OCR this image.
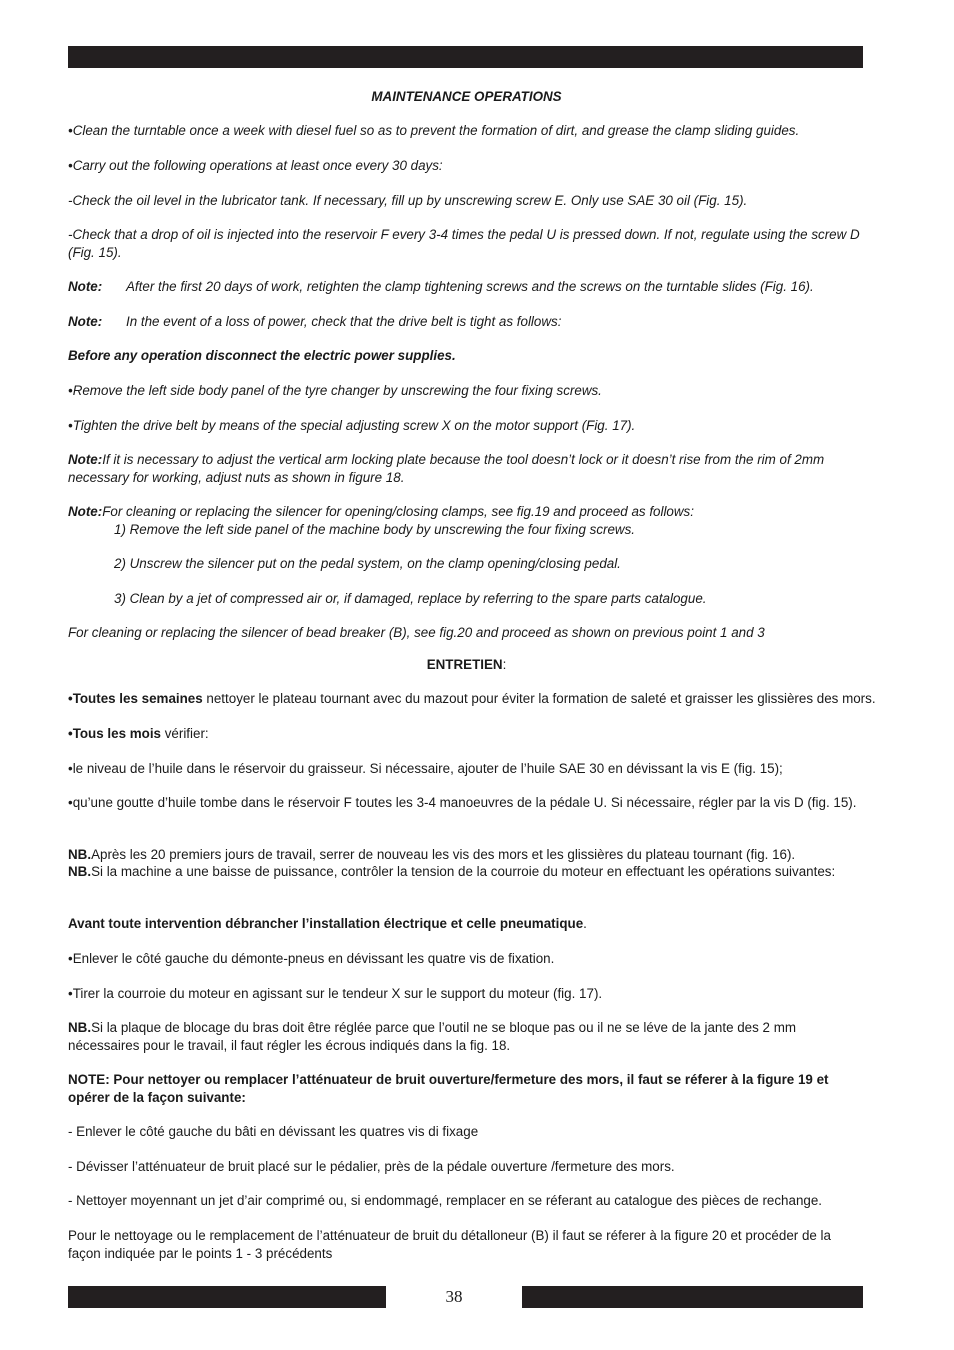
MAINTENANCE OPERATIONS

•Clean the turntable once a week with diesel fuel so as to prevent the formation of dirt, and grease the clamp sliding guides.

•Carry out the following operations at least once every 30 days:

-Check the oil level in the lubricator tank. If necessary, fill up by unscrewing screw E. Only use SAE 30 oil (Fig. 15).

-Check that a drop of oil is injected into the reservoir F every 3-4 times the pedal U is pressed down. If not, regulate using the screw D (Fig. 15).

Note: After the first 20 days of work, retighten the clamp tightening screws and the screws on the turntable slides (Fig. 16).

Note: In the event of a loss of power, check that the drive belt is tight as follows:

Before any operation disconnect the electric power supplies.

•Remove the left side body panel of the tyre changer by unscrewing the four fixing screws.

•Tighten the drive belt by means of the special adjusting screw X on the motor support (Fig. 17).

Note:If it is necessary to adjust the vertical arm locking plate because the tool doesn’t lock or it doesn’t rise from the rim of 2mm necessary for working, adjust nuts as shown in figure 18.

Note:For cleaning or replacing the silencer for opening/closing clamps, see fig.19 and proceed as follows:

1) Remove the left side panel of the machine body by unscrewing the four fixing screws.

2) Unscrew the silencer put on the pedal system, on the clamp opening/closing pedal.

3) Clean by a jet of compressed air or, if damaged, replace by referring to the spare parts catalogue.

For cleaning or replacing the silencer of bead breaker (B), see fig.20 and proceed as shown on previous point 1 and 3

ENTRETIEN:

•Toutes les semaines nettoyer le plateau tournant avec du mazout pour éviter la formation de saleté et graisser les glissières des mors.

•Tous les mois vérifier:

•le niveau de l’huile dans le réservoir du graisseur. Si nécessaire, ajouter de l’huile SAE 30 en dévissant la vis E (fig. 15);

•qu’une goutte d’huile tombe dans le réservoir F toutes les 3-4 manoeuvres de la pédale U. Si nécessaire, régler par la vis D (fig. 15).

NB.Après les 20 premiers jours de travail, serrer de nouveau les vis des mors et les glissières du plateau tournant (fig. 16).

NB.Si la machine a une baisse de puissance, contrôler la tension de la courroie du moteur en effectuant les opérations suivantes:

Avant toute intervention débrancher l’installation électrique et celle pneumatique.

•Enlever le côté gauche du démonte-pneus en dévissant les quatre vis de fixation.

•Tirer la courroie du moteur en agissant sur le tendeur X sur le support du moteur (fig. 17).

NB.Si la plaque de blocage du bras doit être réglée parce que l’outil ne se bloque pas ou il ne se léve de la jante des 2 mm nécessaires pour le travail, il faut régler les écrous indiqués dans la fig. 18.

NOTE: Pour nettoyer ou remplacer l’atténuateur de bruit ouverture/fermeture des mors, il faut se réferer à la figure 19 et opérer de la façon suivante:

- Enlever le côté gauche du bâti en dévissant les quatres vis di fixage

- Dévisser l’atténuateur de bruit placé sur le pédalier, près de la pédale ouverture /fermeture des mors.

- Nettoyer moyennant un jet d’air comprimé ou, si endommagé, remplacer en se réferant au catalogue des pièces de rechange.

Pour le nettoyage ou le remplacement de l’atténuateur de bruit du détalloneur (B) il faut se réferer à la figure 20 et procéder de la façon indiquée par le points 1 - 3 précédents

38
